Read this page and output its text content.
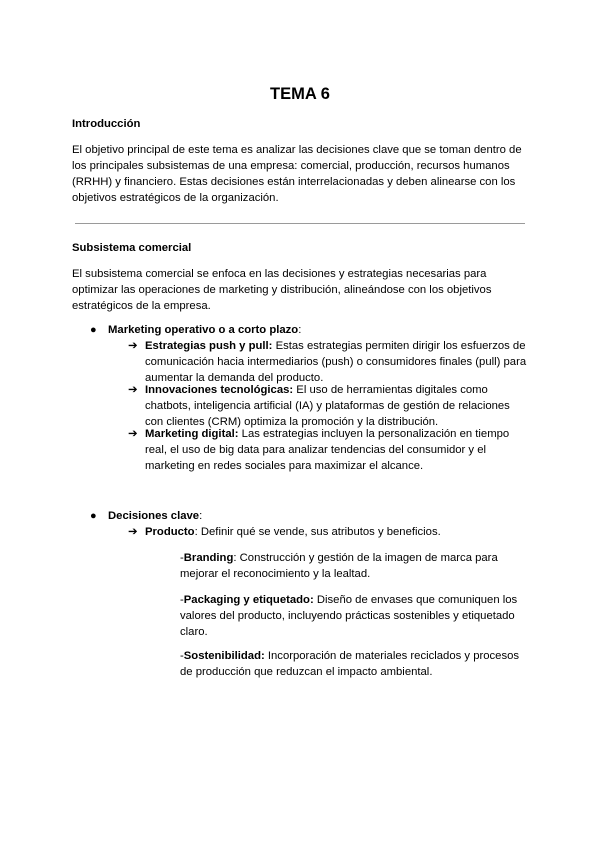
TEMA 6
Introducción

El objetivo principal de este tema es analizar las decisiones clave que se toman dentro de los principales subsistemas de una empresa: comercial, producción, recursos humanos (RRHH) y financiero. Estas decisiones están interrelacionadas y deben alinearse con los objetivos estratégicos de la organización.

Subsistema comercial

El subsistema comercial se enfoca en las decisiones y estrategias necesarias para optimizar las operaciones de marketing y distribución, alineándose con los objetivos estratégicos de la empresa.

● Marketing operativo o a corto plazo:
➔ Estrategias push y pull: Estas estrategias permiten dirigir los esfuerzos de comunicación hacia intermediarios (push) o consumidores finales (pull) para aumentar la demanda del producto.
➔ Innovaciones tecnológicas: El uso de herramientas digitales como chatbots, inteligencia artificial (IA) y plataformas de gestión de relaciones con clientes (CRM) optimiza la promoción y la distribución.
➔ Marketing digital: Las estrategias incluyen la personalización en tiempo real, el uso de big data para analizar tendencias del consumidor y el marketing en redes sociales para maximizar el alcance.
● Decisiones clave:
➔ Producto: Definir qué se vende, sus atributos y beneficios.

-Branding: Construcción y gestión de la imagen de marca para mejorar el reconocimiento y la lealtad.

-Packaging y etiquetado: Diseño de envases que comuniquen los valores del producto, incluyendo prácticas sostenibles y etiquetado claro.

-Sostenibilidad: Incorporación de materiales reciclados y procesos de producción que reduzcan el impacto ambiental.
